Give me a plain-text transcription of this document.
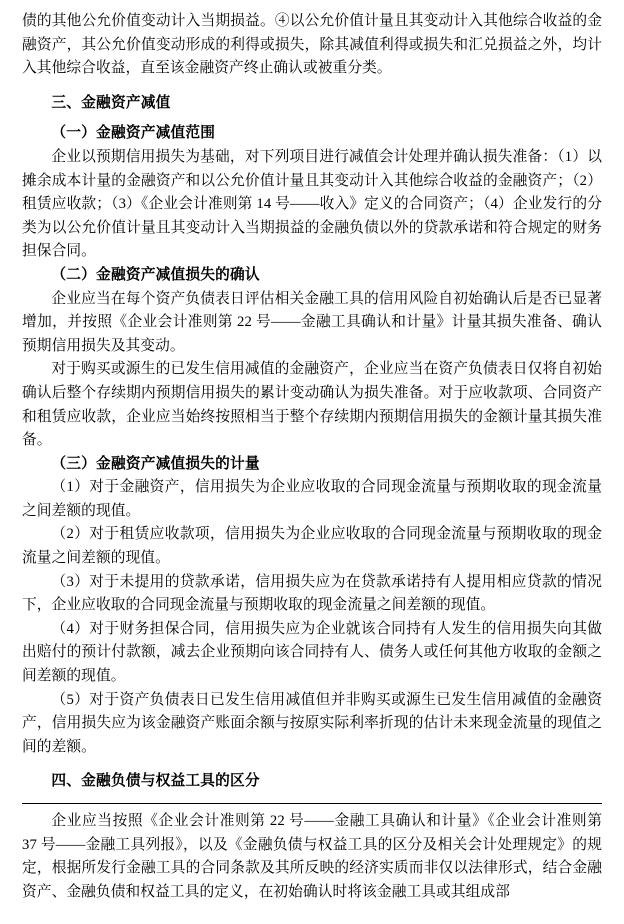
债的其他公允价值变动计入当期损益。④以公允价值计量且其变动计入其他综合收益的金融资产，其公允价值变动形成的利得或损失，除其减值利得或损失和汇兑损益之外，均计入其他综合收益，直至该金融资产终止确认或被重分类。

三、金融资产减值

（一）金融资产减值范围

企业以预期信用损失为基础，对下列项目进行减值会计处理并确认损失准备：（1）以摊余成本计量的金融资产和以公允价值计量且其变动计入其他综合收益的金融资产；（2）租赁应收款；（3）《企业会计准则第 14 号——收入》定义的合同资产；（4）企业发行的分类为以公允价值计量且其变动计入当期损益的金融负债以外的贷款承诺和符合规定的财务担保合同。

（二）金融资产减值损失的确认

企业应当在每个资产负债表日评估相关金融工具的信用风险自初始确认后是否已显著增加，并按照《企业会计准则第 22 号——金融工具确认和计量》计量其损失准备、确认预期信用损失及其变动。

对于购买或源生的已发生信用减值的金融资产，企业应当在资产负债表日仅将自初始确认后整个存续期内预期信用损失的累计变动确认为损失准备。对于应收款项、合同资产和租赁应收款，企业应当始终按照相当于整个存续期内预期信用损失的金额计量其损失准备。

（三）金融资产减值损失的计量

（1）对于金融资产，信用损失为企业应收取的合同现金流量与预期收取的现金流量之间差额的现值。

（2）对于租赁应收款项，信用损失为企业应收取的合同现金流量与预期收取的现金流量之间差额的现值。

（3）对于未提用的贷款承诺，信用损失应为在贷款承诺持有人提用相应贷款的情况下，企业应收取的合同现金流量与预期收取的现金流量之间差额的现值。

（4）对于财务担保合同，信用损失应为企业就该合同持有人发生的信用损失向其做出赔付的预计付款额，减去企业预期向该合同持有人、债务人或任何其他方收取的金额之间差额的现值。

（5）对于资产负债表日已发生信用减值但并非购买或源生已发生信用减值的金融资产，信用损失应为该金融资产账面余额与按原实际利率折现的估计未来现金流量的现值之间的差额。

四、金融负债与权益工具的区分

企业应当按照《企业会计准则第 22 号——金融工具确认和计量》《企业会计准则第 37 号——金融工具列报》，以及《金融负债与权益工具的区分及相关会计处理规定》的规定，根据所发行金融工具的合同条款及其所反映的经济实质而非仅以法律形式，结合金融资产、金融负债和权益工具的定义，在初始确认时将该金融工具或其组成部
